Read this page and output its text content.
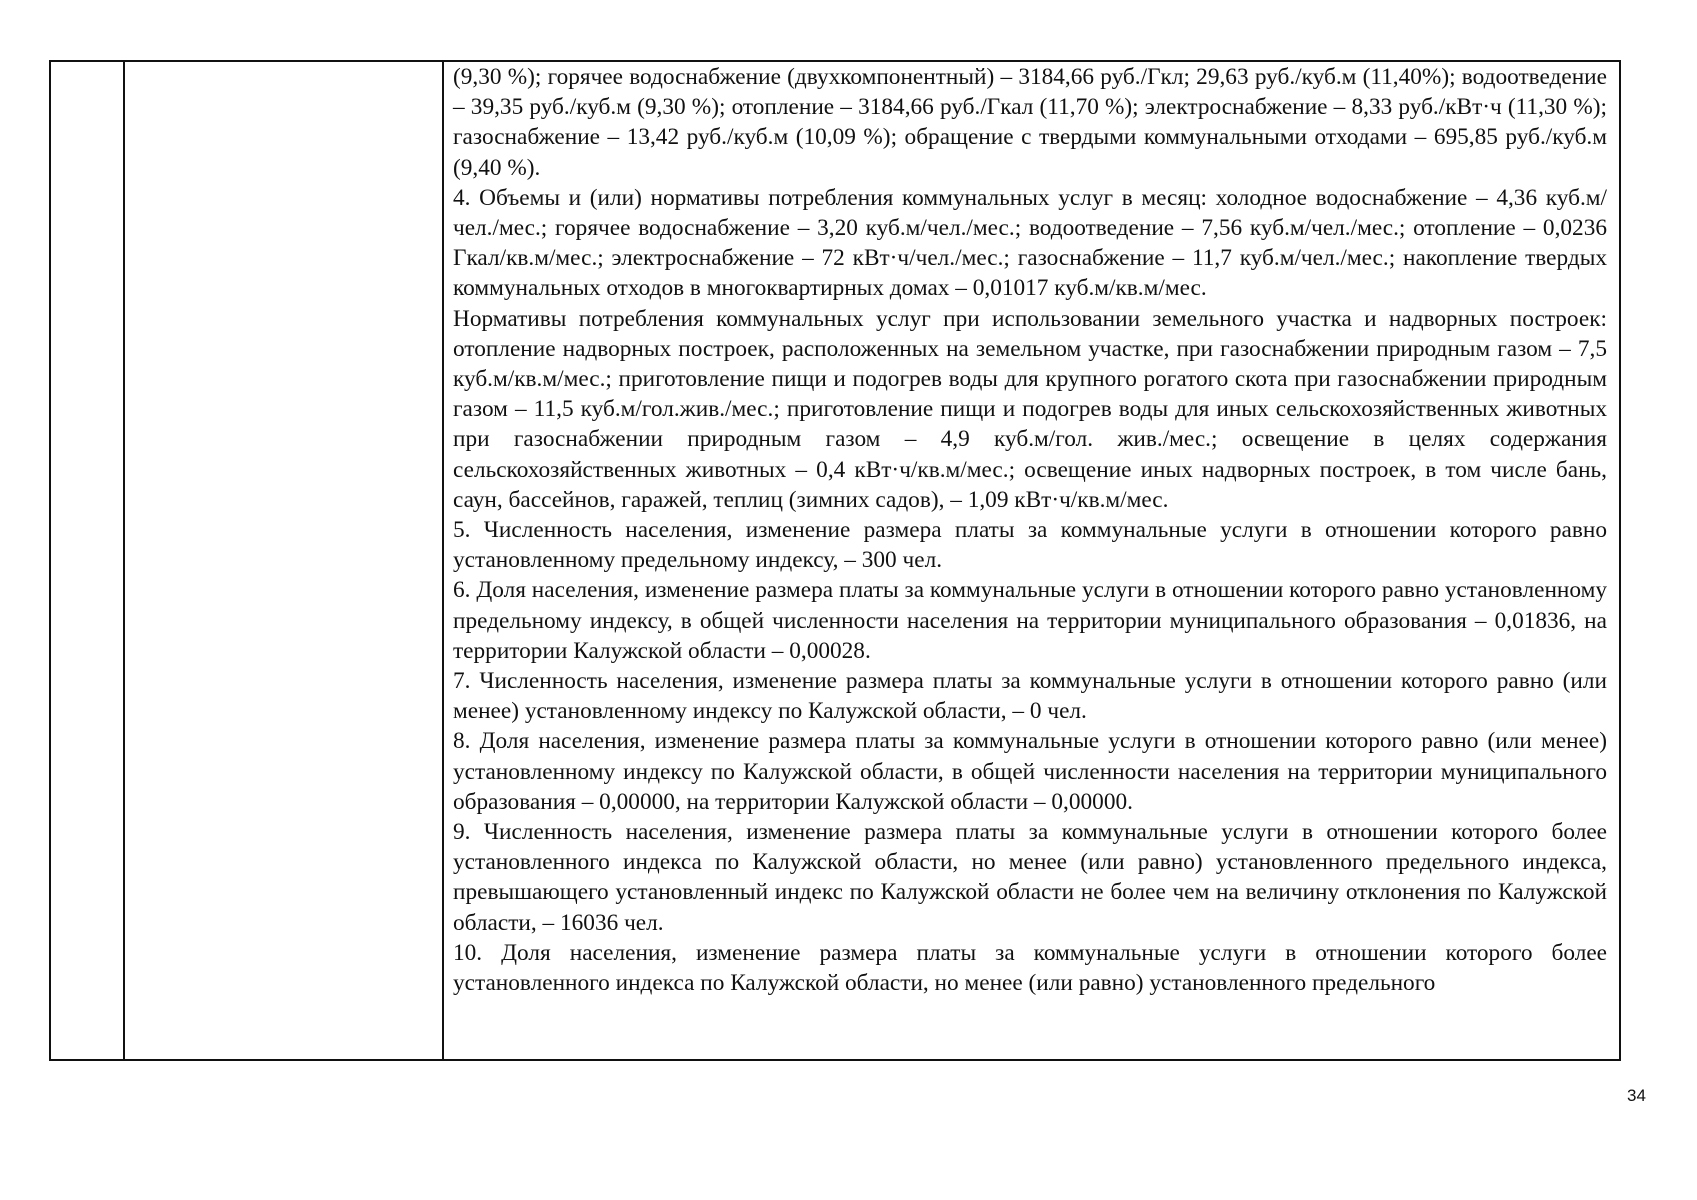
(9,30 %); горячее водоснабжение (двухкомпонентный) – 3184,66 руб./Гкл; 29,63 руб./куб.м (11,40%); водоотведение – 39,35 руб./куб.м (9,30 %); отопление – 3184,66 руб./Гкал (11,70 %); электроснабжение – 8,33 руб./кВт·ч (11,30 %); газоснабжение – 13,42 руб./куб.м (10,09 %); обращение с твердыми коммунальными отходами – 695,85 руб./куб.м (9,40 %).

4. Объемы и (или) нормативы потребления коммунальных услуг в месяц: холодное водоснабжение – 4,36 куб.м/чел./мес.; горячее водоснабжение – 3,20 куб.м/чел./мес.; водоотведение – 7,56 куб.м/чел./мес.; отопление – 0,0236 Гкал/кв.м/мес.; электроснабжение – 72 кВт·ч/чел./мес.; газоснабжение – 11,7 куб.м/чел./мес.; накопление твердых коммунальных отходов в многоквартирных домах – 0,01017 куб.м/кв.м/мес.

Нормативы потребления коммунальных услуг при использовании земельного участка и надворных построек: отопление надворных построек, расположенных на земельном участке, при газоснабжении природным газом – 7,5 куб.м/кв.м/мес.; приготовление пищи и подогрев воды для крупного рогатого скота при газоснабжении природным газом – 11,5 куб.м/гол.жив./мес.; приготовление пищи и подогрев воды для иных сельскохозяйственных животных при газоснабжении природным газом – 4,9 куб.м/гол. жив./мес.; освещение в целях содержания сельскохозяйственных животных – 0,4 кВт·ч/кв.м/мес.; освещение иных надворных построек, в том числе бань, саун, бассейнов, гаражей, теплиц (зимних садов), – 1,09 кВт·ч/кв.м/мес.

5. Численность населения, изменение размера платы за коммунальные услуги в отношении которого равно установленному предельному индексу, – 300 чел.

6. Доля населения, изменение размера платы за коммунальные услуги в отношении которого равно установленному предельному индексу, в общей численности населения на территории муниципального образования – 0,01836, на территории Калужской области – 0,00028.

7. Численность населения, изменение размера платы за коммунальные услуги в отношении которого равно (или менее) установленному индексу по Калужской области, – 0 чел.

8. Доля населения, изменение размера платы за коммунальные услуги в отношении которого равно (или менее) установленному индексу по Калужской области, в общей численности населения на территории муниципального образования – 0,00000, на территории Калужской области – 0,00000.

9. Численность населения, изменение размера платы за коммунальные услуги в отношении которого более установленного индекса по Калужской области, но менее (или равно) установленного предельного индекса, превышающего установленный индекс по Калужской области не более чем на величину отклонения по Калужской области, – 16036 чел.

10. Доля населения, изменение размера платы за коммунальные услуги в отношении которого более установленного индекса по Калужской области, но менее (или равно) установленного предельного

34
